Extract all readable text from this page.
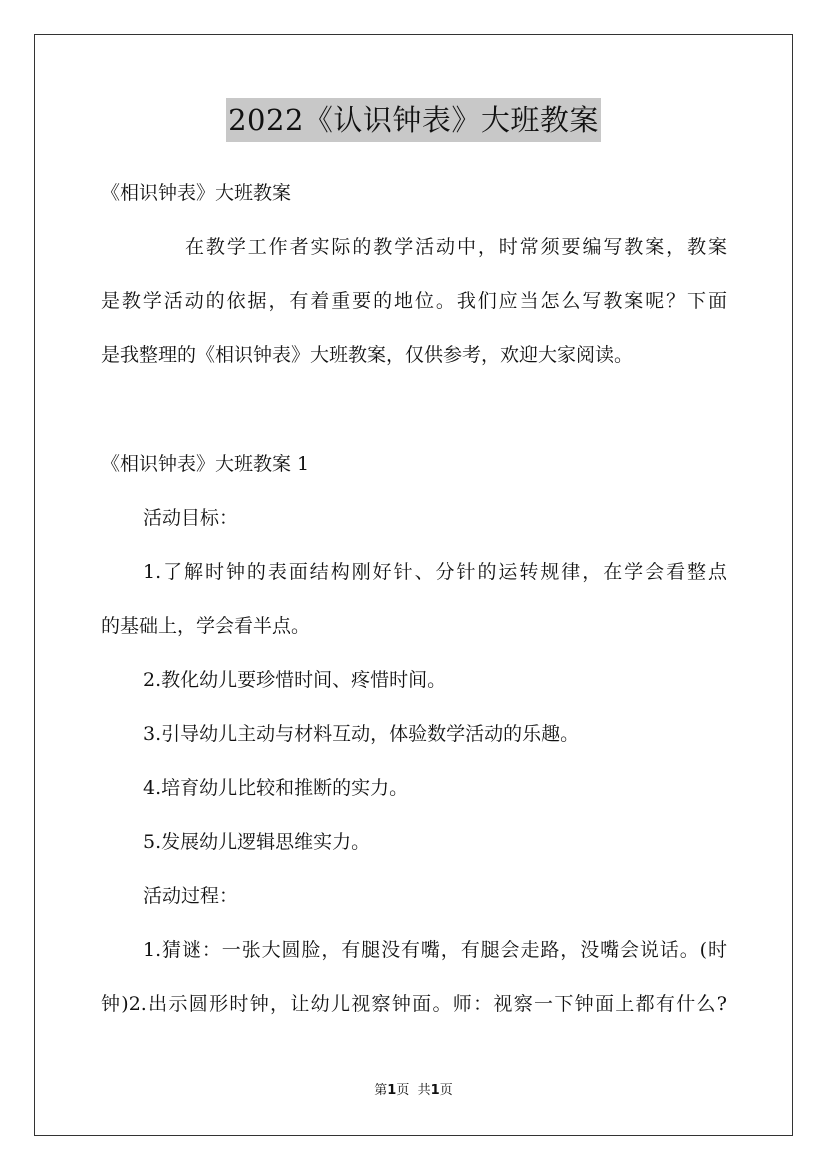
2022《认识钟表》大班教案
《相识钟表》大班教案
在教学工作者实际的教学活动中，时常须要编写教案，教案
是教学活动的依据，有着重要的地位。我们应当怎么写教案呢？下面
是我整理的《相识钟表》大班教案，仅供参考，欢迎大家阅读。
《相识钟表》大班教案 1
活动目标：
1.了解时钟的表面结构刚好针、分针的运转规律，在学会看整点
的基础上，学会看半点。
2.教化幼儿要珍惜时间、疼惜时间。
3.引导幼儿主动与材料互动，体验数学活动的乐趣。
4.培育幼儿比较和推断的实力。
5.发展幼儿逻辑思维实力。
活动过程：
1.猜谜：一张大圆脸，有腿没有嘴，有腿会走路，没嘴会说话。(时
钟)2.出示圆形时钟，让幼儿视察钟面。师：视察一下钟面上都有什么?
第1页 共1页
